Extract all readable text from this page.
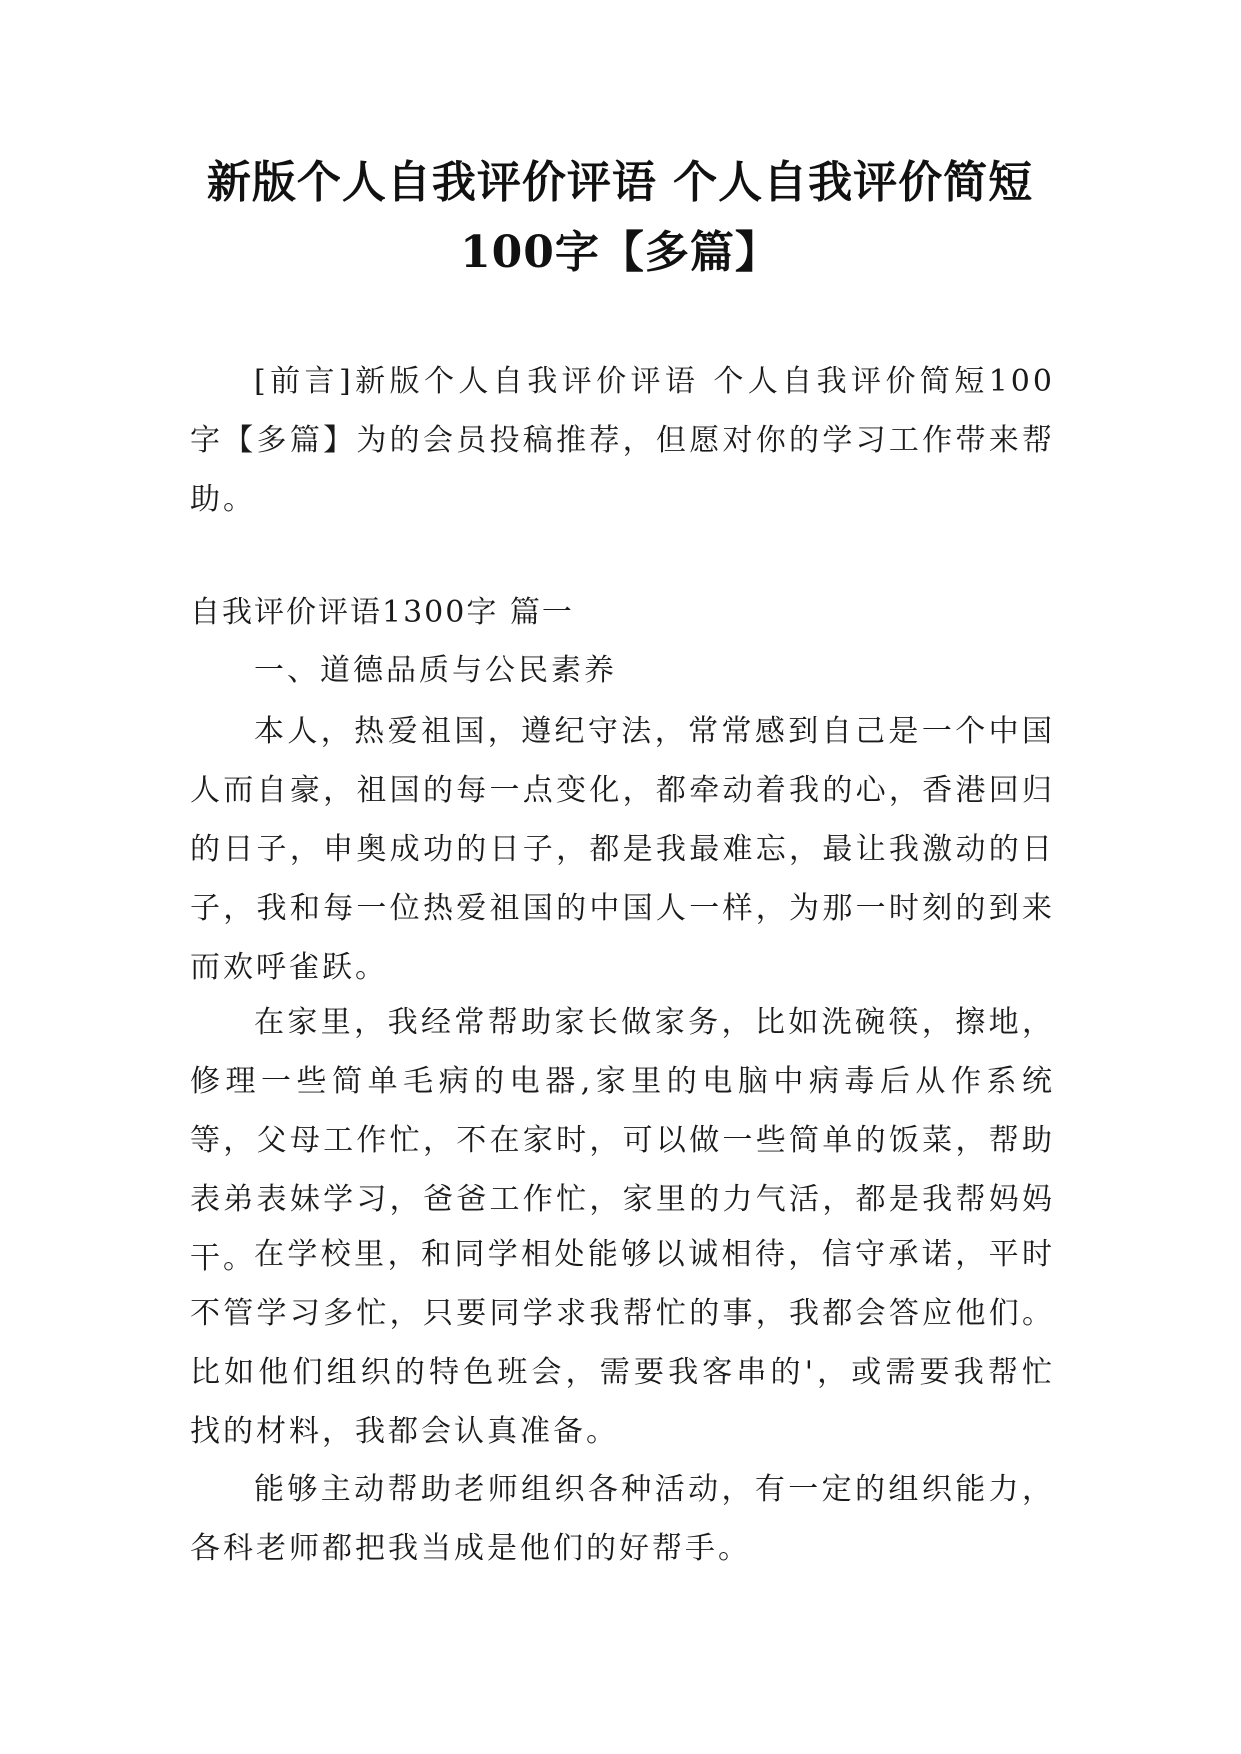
新版个人自我评价评语 个人自我评价简短
100字【多篇】

[前言]新版个人自我评价评语 个人自我评价简短100字【多篇】为的会员投稿推荐，但愿对你的学习工作带来帮助。

自我评价评语1300字 篇一

一、道德品质与公民素养

本人，热爱祖国，遵纪守法，常常感到自己是一个中国人而自豪，祖国的每一点变化，都牵动着我的心，香港回归的日子，申奥成功的日子，都是我最难忘，最让我激动的日子，我和每一位热爱祖国的中国人一样，为那一时刻的到来而欢呼雀跃。

在家里，我经常帮助家长做家务，比如洗碗筷，擦地，修理一些简单毛病的电器,家里的电脑中病毒后从作系统等，父母工作忙，不在家时，可以做一些简单的饭菜，帮助表弟表妹学习，爸爸工作忙，家里的力气活，都是我帮妈妈干。

在学校里，和同学相处能够以诚相待，信守承诺，平时不管学习多忙，只要同学求我帮忙的事，我都会答应他们。比如他们组织的特色班会，需要我客串的'，或需要我帮忙找的材料，我都会认真准备。

能够主动帮助老师组织各种活动，有一定的组织能力，各科老师都把我当成是他们的好帮手。
